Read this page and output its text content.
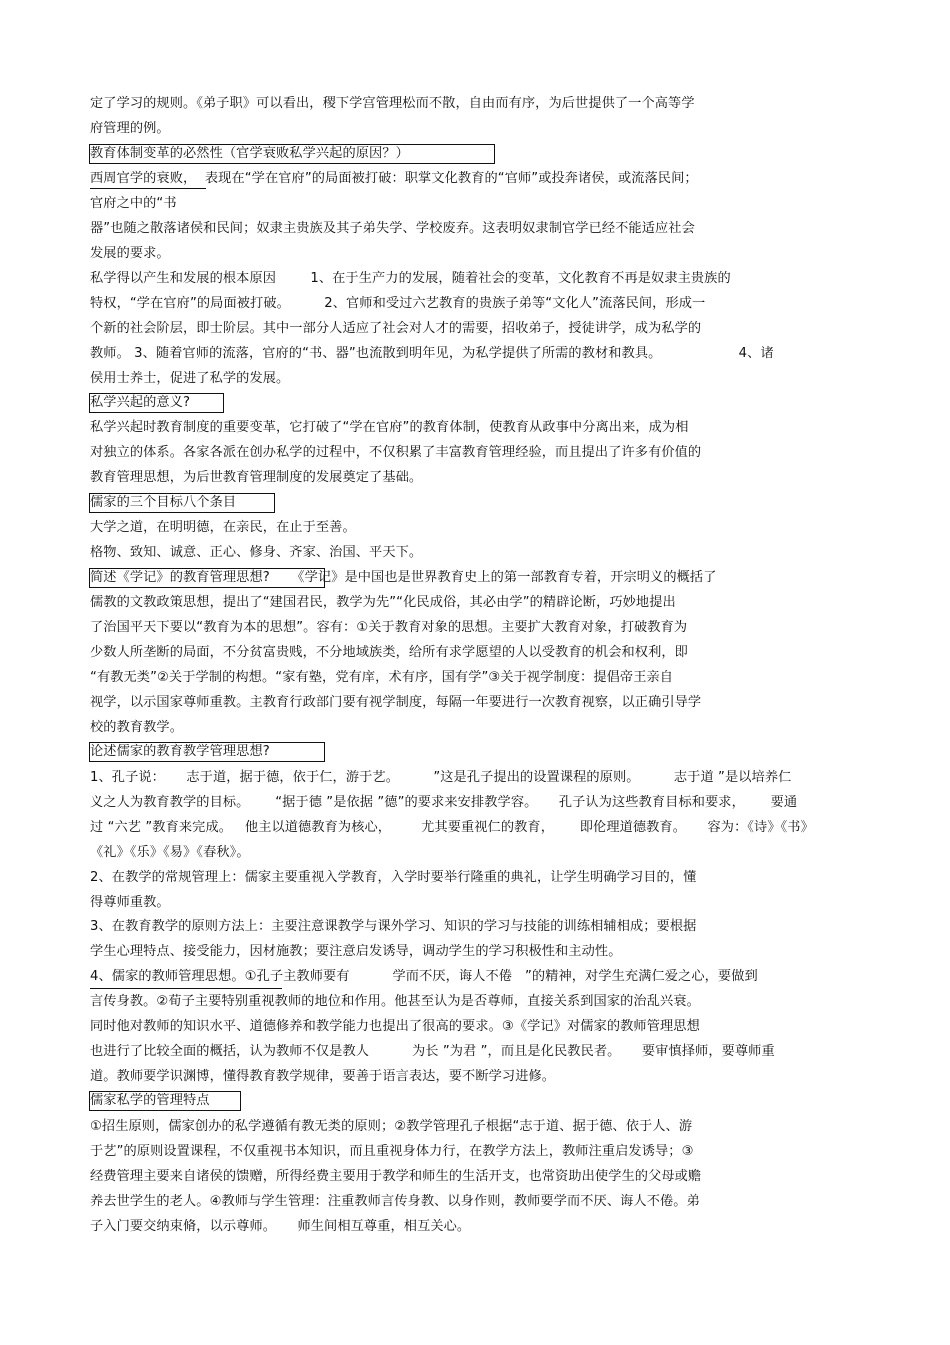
定了学习的规则。《弟子职》可以看出，稷下学宫管理松而不散，自由而有序，为后世提供了一个高等学
府管理的例。
教育体制变革的必然性（官学衰败私学兴起的原因？）
西周官学的衰败，  表现在“学在官府”的局面被打破：职掌文化教育的“官师”或投奔诸侯，或流落民间；
官府之中的“书
器”也随之散落诸侯和民间；奴隶主贵族及其子弟失学、学校废弃。这表明奴隶制官学已经不能适应社会
发展的要求。
私学得以产生和发展的根本原因        1、在于生产力的发展，随着社会的变革，文化教育不再是奴隶主贵族的
特权，“学在官府”的局面被打破。        2、官师和受过六艺教育的贵族子弟等“文化人”流落民间，形成一
个新的社会阶层，即士阶层。其中一部分人适应了社会对人才的需要，招收弟子，授徒讲学，成为私学的
教师。 3、随着官师的流落，官府的“书、器”也流散到明年见，为私学提供了所需的教材和教具。                  4、诸
侯用士养士，促进了私学的发展。
私学兴起的意义?
私学兴起时教育制度的重要变革，它打破了“学在官府”的教育体制，使教育从政事中分离出来，成为相
对独立的体系。各家各派在创办私学的过程中，不仅积累了丰富教育管理经验，而且提出了许多有价值的
教育管理思想，为后世教育管理制度的发展奠定了基础。
儒家的三个目标八个条目
大学之道，在明明德，在亲民，在止于至善。
格物、致知、诚意、正心、修身、齐家、治国、平天下。
简述《学记》的教育管理思想?     《学记》是中国也是世界教育史上的第一部教育专着，开宗明义的概括了
儒教的文教政策思想，提出了“建国君民，教学为先”“化民成俗，其必由学”的精辟论断，巧妙地提出
了治国平天下要以“教育为本的思想”。容有：①关于教育对象的思想。主要扩大教育对象，打破教育为
少数人所垄断的局面，不分贫富贵贱，不分地域族类，给所有求学愿望的人以受教育的机会和权利，即
“有教无类”②关于学制的构想。“家有塾，党有庠，术有序，国有学”③关于视学制度：提倡帝王亲自
视学，以示国家尊师重教。主教育行政部门要有视学制度，每隔一年要进行一次教育视察，以正确引导学
校的教育教学。
论述儒家的教育教学管理思想?
1、孔子说：     志于道，据于德，依于仁，游于艺。        ”这是孔子提出的设置课程的原则。        志于道 ”是以培养仁
义之人为教育教学的目标。      “据于德 ”是依据 ”德”的要求来安排教学容。     孔子认为这些教育目标和要求，      要通
过 “六艺 ”教育来完成。   他主以道德教育为核心，       尤其要重视仁的教育，      即伦理道德教育。     容为：《诗》《书》
《礼》《乐》《易》《春秋》。
2、在教学的常规管理上：儒家主要重视入学教育，入学时要举行隆重的典礼，让学生明确学习目的，懂
得尊师重教。
3、在教育教学的原则方法上：主要注意课教学与课外学习、知识的学习与技能的训练相辅相成；要根据
学生心理特点、接受能力，因材施教；要注意启发诱导，调动学生的学习积极性和主动性。
4、儒家的教师管理思想。①孔子主教师要有          学而不厌，诲人不倦   ”的精神，对学生充满仁爱之心，要做到
言传身教。②荀子主要特别重视教师的地位和作用。他甚至认为是否尊师，直接关系到国家的治乱兴衰。
同时他对教师的知识水平、道德修养和教学能力也提出了很高的要求。③《学记》对儒家的教师管理思想
也进行了比较全面的概括，认为教师不仅是教人          为长 ”为君 ”，而且是化民教民者。     要审慎择师，要尊师重
道。教师要学识渊博，懂得教育教学规律，要善于语言表达，要不断学习进修。
儒家私学的管理特点
①招生原则，儒家创办的私学遵循有教无类的原则；②教学管理孔子根据“志于道、据于德、依于人、游
于艺”的原则设置课程，不仅重视书本知识，而且重视身体力行，在教学方法上，教师注重启发诱导；③
经费管理主要来自诸侯的馈赠，所得经费主要用于教学和师生的生活开支，也常资助出使学生的父母或赡
养去世学生的老人。④教师与学生管理：注重教师言传身教、以身作则，教师要学而不厌、诲人不倦。弟
子入门要交纳束脩，以示尊师。     师生间相互尊重，相互关心。
